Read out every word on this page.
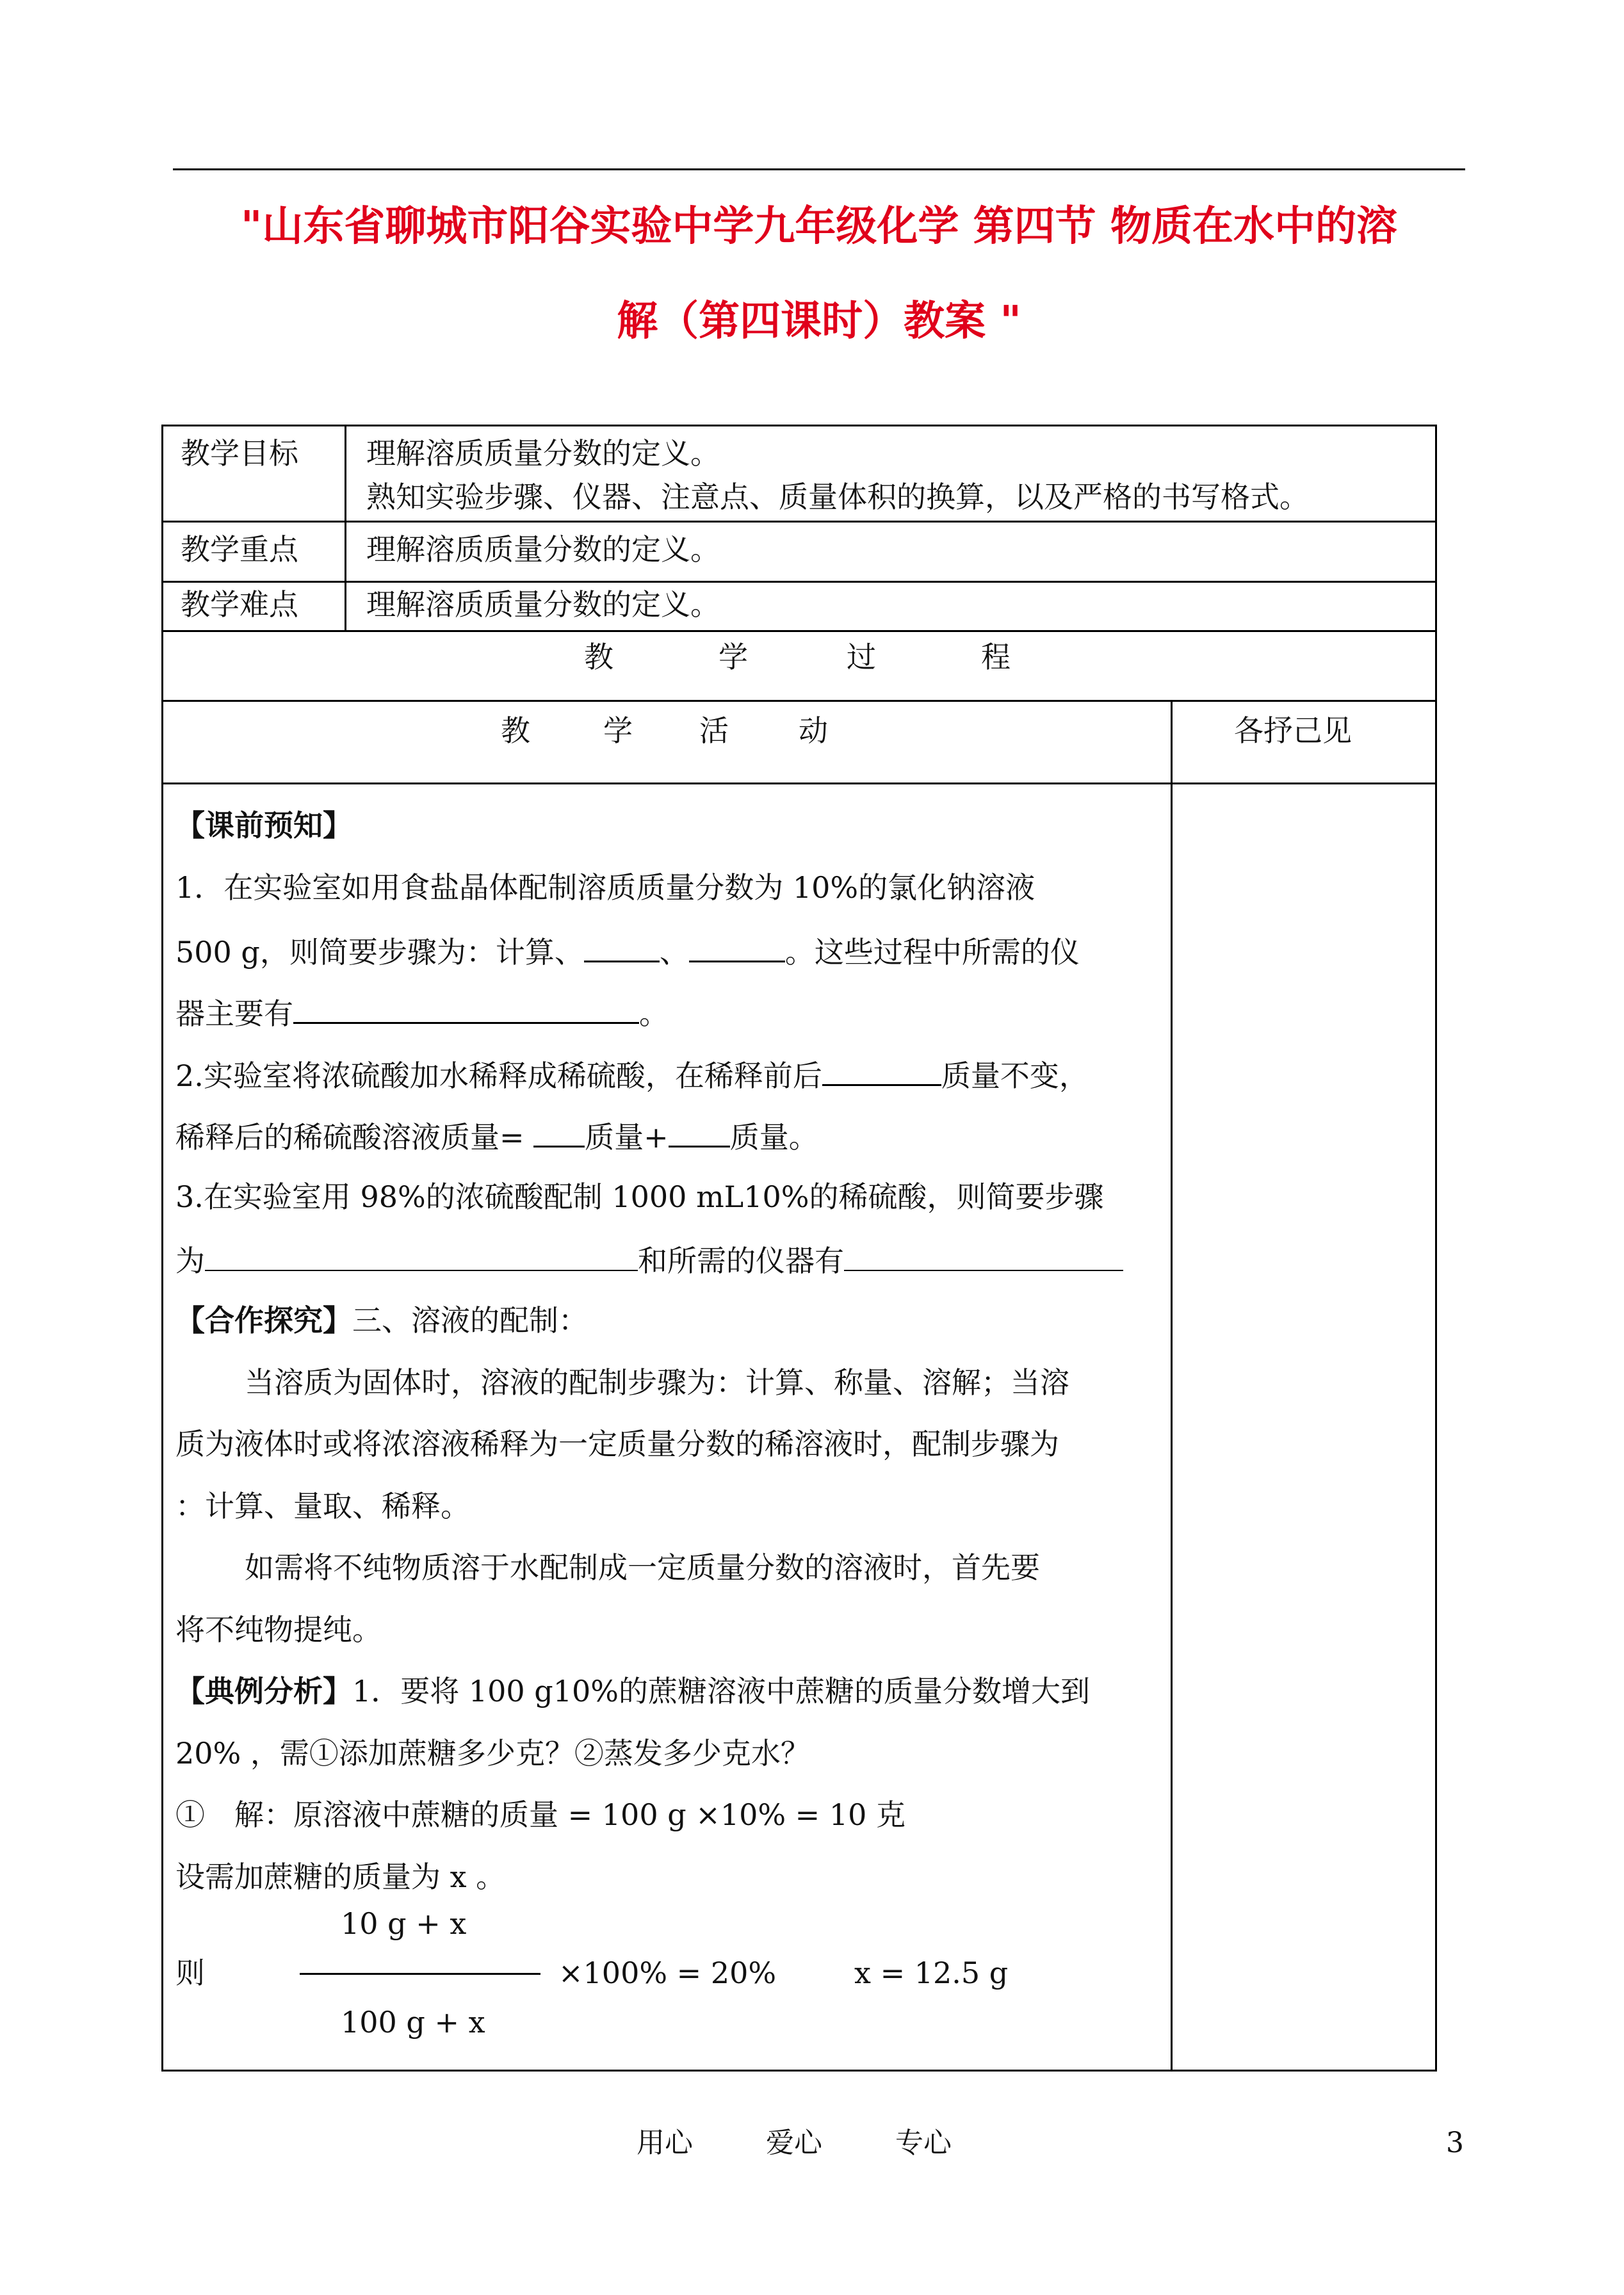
"山东省聊城市阳谷实验中学九年级化学 第四节 物质在水中的溶
解（第四课时）教案 "
教学目标 理解溶质质量分数的定义。
熟知实验步骤、仪器、注意点、质量体积的换算，以及严格的书写格式。
教学重点 理解溶质质量分数的定义。
教学难点 理解溶质质量分数的定义。
教	学	过	程
教 学 活 动	各抒己见
【课前预知】
1．在实验室如用食盐晶体配制溶质质量分数为 10%的氯化钠溶液
500 g，则简要步骤为：计算、	、	。这些过程中所需的仪
器主要有	。
2.实验室将浓硫酸加水稀释成稀硫酸，在稀释前后	质量不变，
稀释后的稀硫酸溶液质量= 质量+ 质量。
3.在实验室用 98%的浓硫酸配制 1000 mL10%的稀硫酸，则简要步骤
为	和所需的仪器有
【合作探究】三、溶液的配制：
当溶质为固体时，溶液的配制步骤为：计算、称量、溶解；当溶
质为液体时或将浓溶液稀释为一定质量分数的稀溶液时，配制步骤为
：计算、量取、稀释。
如需将不纯物质溶于水配制成一定质量分数的溶液时，首先要
将不纯物提纯。
【典例分析】1．要将 100 g10%的蔗糖溶液中蔗糖的质量分数增大到
20% ，需①添加蔗糖多少克？②蒸发多少克水？
①　解：原溶液中蔗糖的质量 = 100 g ×10% = 10 克
设需加蔗糖的质量为 x 。
10 g + x
则	×100% = 20%	x = 12.5 g
100 g + x
用心	爱心	专心	3
